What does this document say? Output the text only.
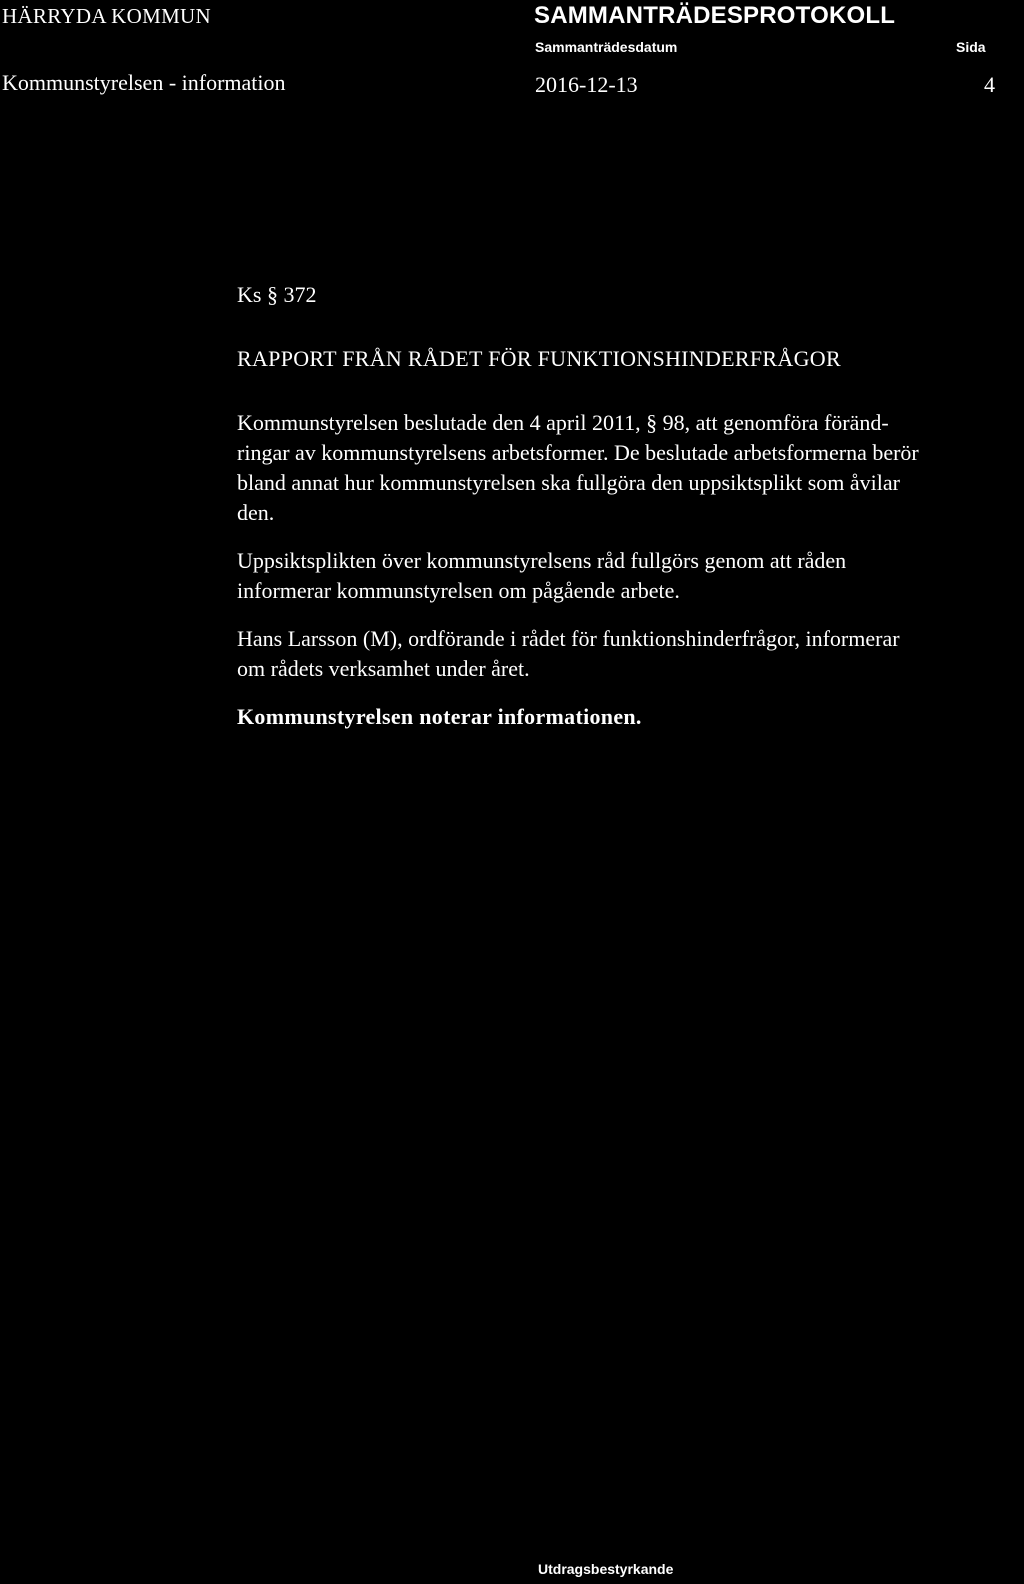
HÄRRYDA KOMMUN
Kommunstyrelsen - information
SAMMANTRÄDESPROTOKOLL
Sammanträdesdatum	Sida
2016-12-13	4
Ks § 372
RAPPORT FRÅN RÅDET FÖR FUNKTIONSHINDERFRÅGOR
Kommunstyrelsen beslutade den 4 april 2011, § 98, att genomföra föränd-
ringar av kommunstyrelsens arbetsformer. De beslutade arbetsformerna berör
bland annat hur kommunstyrelsen ska fullgöra den uppsiktsplikt som åvilar
den.
Uppsiktsplikten över kommunstyrelsens råd fullgörs genom att råden
informerar kommunstyrelsen om pågående arbete.
Hans Larsson (M), ordförande i rådet för funktionshinderfrågor, informerar
om rådets verksamhet under året.
Kommunstyrelsen noterar informationen.
Utdragsbestyrkande
